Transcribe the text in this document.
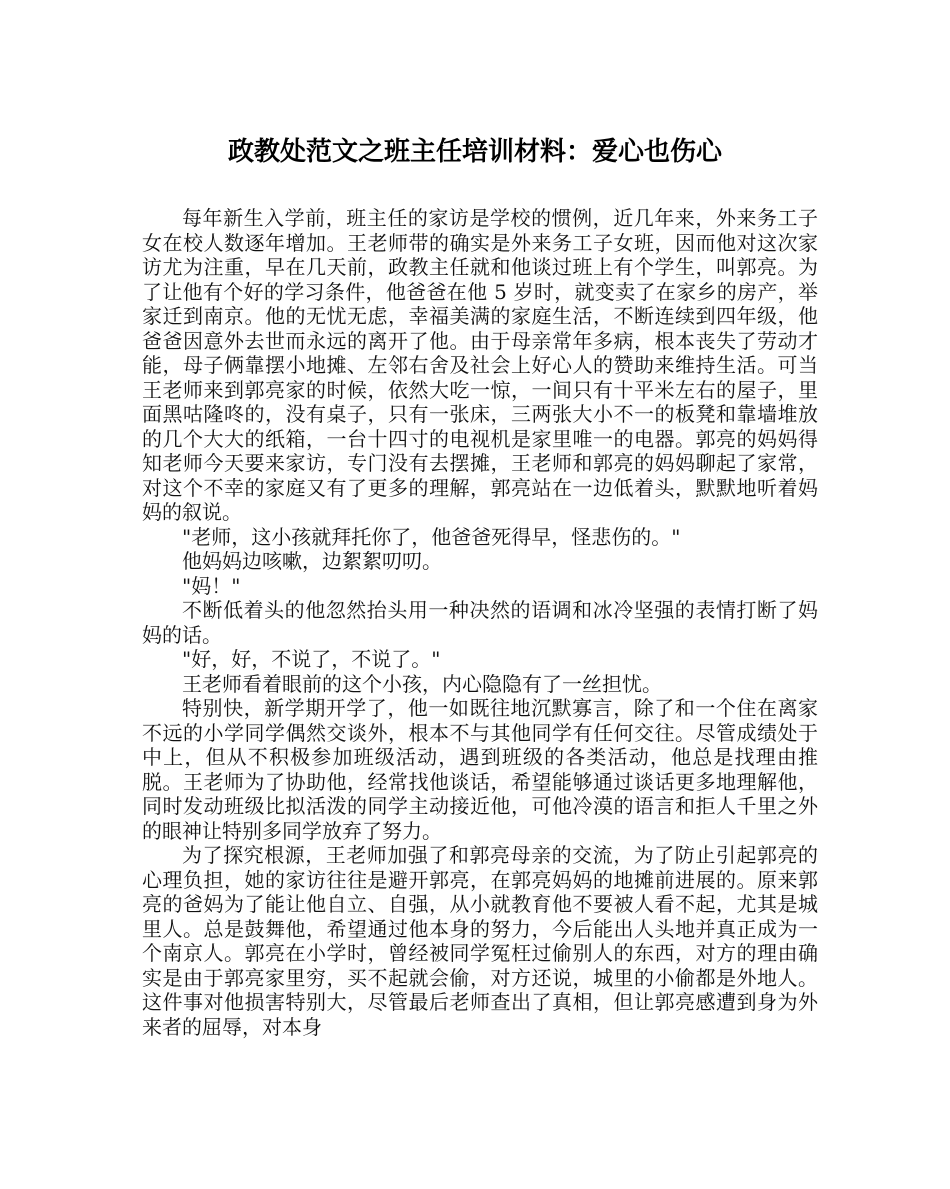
政教处范文之班主任培训材料：爱心也伤心

每年新生入学前，班主任的家访是学校的惯例，近几年来，外来务工子女在校人数逐年增加。王老师带的确实是外来务工子女班，因而他对这次家访尤为注重，早在几天前，政教主任就和他谈过班上有个学生，叫郭亮。为了让他有个好的学习条件，他爸爸在他 5 岁时，就变卖了在家乡的房产，举家迁到南京。他的无忧无虑，幸福美满的家庭生活，不断连续到四年级，他爸爸因意外去世而永远的离开了他。由于母亲常年多病，根本丧失了劳动才能，母子俩靠摆小地摊、左邻右舍及社会上好心人的赞助来维持生活。可当王老师来到郭亮家的时候，依然大吃一惊，一间只有十平米左右的屋子，里面黑咕隆咚的，没有桌子，只有一张床，三两张大小不一的板凳和靠墙堆放的几个大大的纸箱，一台十四寸的电视机是家里唯一的电器。郭亮的妈妈得知老师今天要来家访，专门没有去摆摊，王老师和郭亮的妈妈聊起了家常，对这个不幸的家庭又有了更多的理解，郭亮站在一边低着头，默默地听着妈妈的叙说。

"老师，这小孩就拜托你了，他爸爸死得早，怪悲伤的。"

他妈妈边咳嗽，边絮絮叨叨。

"妈！"

不断低着头的他忽然抬头用一种决然的语调和冰冷坚强的表情打断了妈妈的话。

"好，好，不说了，不说了。"

王老师看着眼前的这个小孩，内心隐隐有了一丝担忧。

特别快，新学期开学了，他一如既往地沉默寡言，除了和一个住在离家不远的小学同学偶然交谈外，根本不与其他同学有任何交往。尽管成绩处于中上，但从不积极参加班级活动，遇到班级的各类活动，他总是找理由推脱。王老师为了协助他，经常找他谈话，希望能够通过谈话更多地理解他，同时发动班级比拟活泼的同学主动接近他，可他冷漠的语言和拒人千里之外的眼神让特别多同学放弃了努力。

为了探究根源，王老师加强了和郭亮母亲的交流，为了防止引起郭亮的心理负担，她的家访往往是避开郭亮，在郭亮妈妈的地摊前进展的。原来郭亮的爸妈为了能让他自立、自强，从小就教育他不要被人看不起，尤其是城里人。总是鼓舞他，希望通过他本身的努力，今后能出人头地并真正成为一个南京人。郭亮在小学时，曾经被同学冤枉过偷别人的东西，对方的理由确实是由于郭亮家里穷，买不起就会偷，对方还说，城里的小偷都是外地人。这件事对他损害特别大，尽管最后老师查出了真相，但让郭亮感遭到身为外来者的屈辱，对本身
